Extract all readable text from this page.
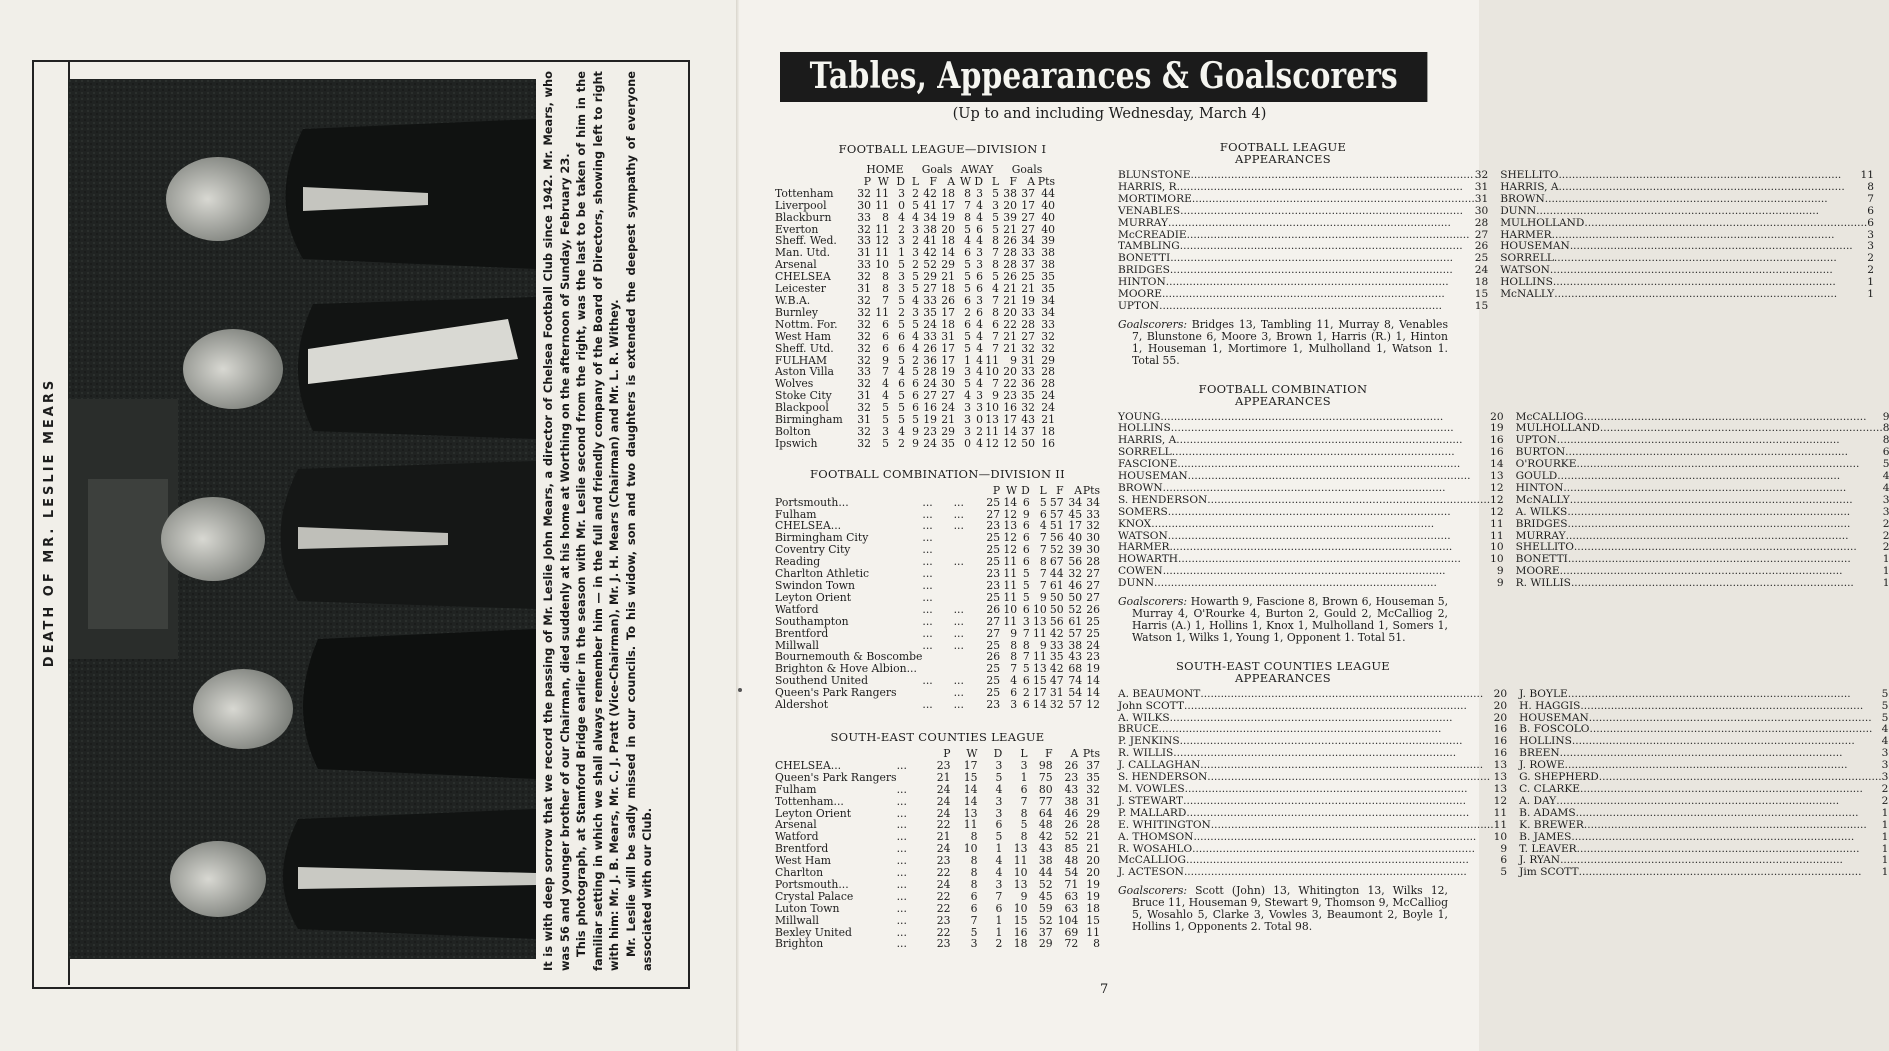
DEATH OF MR. LESLIE MEARS	It is with deep sorrow that we record the passing of Mr. Leslie John Mears, a director of Chelsea Football Club since 1942. Mr. Mears, who was 56 and younger brother of our Chairman, died suddenly at his home at Worthing on the afternoon of Sunday, February 23. This photograph, at Stamford Bridge earlier in the season with Mr. Leslie second from the right, was the last to be taken of him in the familiar setting in which we shall always remember him — in the full and friendly company of the Board of Directors, showing left to right with him: Mr. J. B. Mears, Mr. C. J. Pratt (Vice-Chairman), Mr. J. H. Mears (Chairman) and Mr. L. R. Withey. Mr. Leslie will be sadly missed in our councils. To his widow, son and two daughters is extended the deepest sympathy of everyone associated with our Club.

Tables, Appearances & Goalscorers
(Up to and including Wednesday, March 4)
FOOTBALL LEAGUE—DIVISION I
	HOME				Goals		AWAY			Goals		
	P	W	D	L	F	A	W	D	L	F	A	Pts
Tottenham	32	11	3	2	42	18	8	3	5	38	37	44
Liverpool	30	11	0	5	41	17	7	4	3	20	17	40
Blackburn	33	8	4	4	34	19	8	4	5	39	27	40
Everton	32	11	2	3	38	20	5	6	5	21	27	40
Sheff. Wed.	33	12	3	2	41	18	4	4	8	26	34	39
Man. Utd.	31	11	1	3	42	14	6	3	7	28	33	38
Arsenal	33	10	5	2	52	29	5	3	8	28	37	38
CHELSEA	32	8	3	5	29	21	5	6	5	26	25	35
Leicester	31	8	3	5	27	18	5	6	4	21	21	35
W.B.A.	32	7	5	4	33	26	6	3	7	21	19	34
Burnley	32	11	2	3	35	17	2	6	8	20	33	34
Nottm. For.	32	6	5	5	24	18	6	4	6	22	28	33
West Ham	32	6	6	4	33	31	5	4	7	21	27	32
Sheff. Utd.	32	6	6	4	26	17	5	4	7	21	32	32
FULHAM	32	9	5	2	36	17	1	4	11	9	31	29
Aston Villa	33	7	4	5	28	19	3	4	10	20	33	28
Wolves	32	4	6	6	24	30	5	4	7	22	36	28
Stoke City	31	4	5	6	27	27	4	3	9	23	35	24
Blackpool	32	5	5	6	16	24	3	3	10	16	32	24
Birmingham	31	5	5	5	19	21	3	0	13	17	43	21
Bolton	32	3	4	9	23	29	3	2	11	14	37	18
Ipswich	32	5	2	9	24	35	0	4	12	12	50	16
FOOTBALL COMBINATION—DIVISION II
			P	W	D	L	F	A	Pts
Portsmouth...	...	...	25	14	6	5	57	34	34
Fulham	...	...	27	12	9	6	57	45	33
CHELSEA...	...	...	23	13	6	4	51	17	32
Birmingham City	...		25	12	6	7	56	40	30
Coventry City	...		25	12	6	7	52	39	30
Reading	...	...	25	11	6	8	67	56	28
Charlton Athletic	...		23	11	5	7	44	32	27
Swindon Town	...		23	11	5	7	61	46	27
Leyton Orient	...		25	11	5	9	50	50	27
Watford	...	...	26	10	6	10	50	52	26
Southampton	...	...	27	11	3	13	56	61	25
Brentford	...	...	27	9	7	11	42	57	25
Millwall	...	...	25	8	8	9	33	38	24
Bournemouth & Boscombe			26	8	7	11	35	43	23
Brighton & Hove Albion...			25	7	5	13	42	68	19
Southend United	...	...	25	4	6	15	47	74	14
Queen's Park Rangers		...	25	6	2	17	31	54	14
Aldershot	...	...	23	3	6	14	32	57	12
SOUTH-EAST COUNTIES LEAGUE
		P	W	D	L	F	A	Pts
CHELSEA...	...	23	17	3	3	98	26	37
Queen's Park Rangers		21	15	5	1	75	23	35
Fulham	...	24	14	4	6	80	43	32
Tottenham...	...	24	14	3	7	77	38	31
Leyton Orient	...	24	13	3	8	64	46	29
Arsenal	...	22	11	6	5	48	26	28
Watford	...	21	8	5	8	42	52	21
Brentford	...	24	10	1	13	43	85	21
West Ham	...	23	8	4	11	38	48	20
Charlton	...	22	8	4	10	44	54	20
Portsmouth...	...	24	8	3	13	52	71	19
Crystal Palace	...	22	6	7	9	45	63	19
Luton Town	...	22	6	6	10	59	63	18
Millwall	...	23	7	1	15	52	104	15
Bexley United	...	22	5	1	16	37	69	11
Brighton	...	23	3	2	18	29	72	8
FOOTBALL LEAGUE
APPEARANCES
BLUNSTONE ..... 32	SHELLITO ..... 11

HARRIS, R. ..... 31	HARRIS, A. ..... 8

MORTIMORE ..... 31	BROWN ..... 7

VENABLES ..... 30	DUNN ..... 6

MURRAY ..... 28	MULHOLLAND ..... 6

McCREADIE ..... 27	HARMER ..... 3

TAMBLING ..... 26	HOUSEMAN ..... 3

BONETTI ..... 25	SORRELL ..... 2

BRIDGES ..... 24	WATSON ..... 2

HINTON ..... 18	HOLLINS ..... 1

MOORE ..... 15	McNALLY ..... 1

UPTON ..... 15

Goalscorers: Bridges 13, Tambling 11, Murray 8, Venables 7, Blunstone 6, Moore 3, Brown 1, Harris (R.) 1, Hinton 1, Houseman 1, Mortimore 1, Mulholland 1, Watson 1. Total 55.

FOOTBALL COMBINATION
APPEARANCES
YOUNG ..... 20	McCALLIOG ..... 9

HOLLINS ..... 19	MULHOLLAND ..... 8

HARRIS, A. ..... 16	UPTON ..... 8

SORRELL ..... 16	BURTON ..... 6

FASCIONE ..... 14	O'ROURKE ..... 5

HOUSEMAN ..... 13	GOULD ..... 4

BROWN ..... 12	HINTON ..... 4

S. HENDERSON ..... 12	McNALLY ..... 3

SOMERS ..... 12	A. WILKS ..... 3

KNOX ..... 11	BRIDGES ..... 2

WATSON ..... 11	MURRAY ..... 2

HARMER ..... 10	SHELLITO ..... 2

HOWARTH ..... 10	BONETTI ..... 1

COWEN ..... 9	MOORE ..... 1

DUNN ..... 9	R. WILLIS ..... 1

Goalscorers: Howarth 9, Fascione 8, Brown 6, Houseman 5, Murray 4, O'Rourke 4, Burton 2, Gould 2, McCalliog 2, Harris (A.) 1, Hollins 1, Knox 1, Mulholland 1, Somers 1, Watson 1, Wilks 1, Young 1, Opponent 1. Total 51.

SOUTH-EAST COUNTIES LEAGUE
APPEARANCES
A. BEAUMONT ..... 20	J. BOYLE ..... 5

John SCOTT ..... 20	H. HAGGIS ..... 5

A. WILKS ..... 20	HOUSEMAN ..... 5

BRUCE ..... 16	B. FOSCOLO ..... 4

P. JENKINS ..... 16	HOLLINS ..... 4

R. WILLIS ..... 16	BREEN ..... 3

J. CALLAGHAN ..... 13	J. ROWE ..... 3

S. HENDERSON ..... 13	G. SHEPHERD ..... 3

M. VOWLES ..... 13	C. CLARKE ..... 2

J. STEWART ..... 12	A. DAY ..... 2

P. MALLARD ..... 11	B. ADAMS ..... 1

E. WHITINGTON ..... 11	K. BREWER ..... 1

A. THOMSON ..... 10	B. JAMES ..... 1

R. WOSAHLO ..... 9	T. LEAVER ..... 1

McCALLIOG ..... 6	J. RYAN ..... 1

J. ACTESON ..... 5	Jim SCOTT ..... 1

Goalscorers: Scott (John) 13, Whitington 13, Wilks 12, Bruce 11, Houseman 9, Stewart 9, Thomson 9, McCalliog 5, Wosahlo 5, Clarke 3, Vowles 3, Beaumont 2, Boyle 1, Hollins 1, Opponents 2. Total 98.

7
